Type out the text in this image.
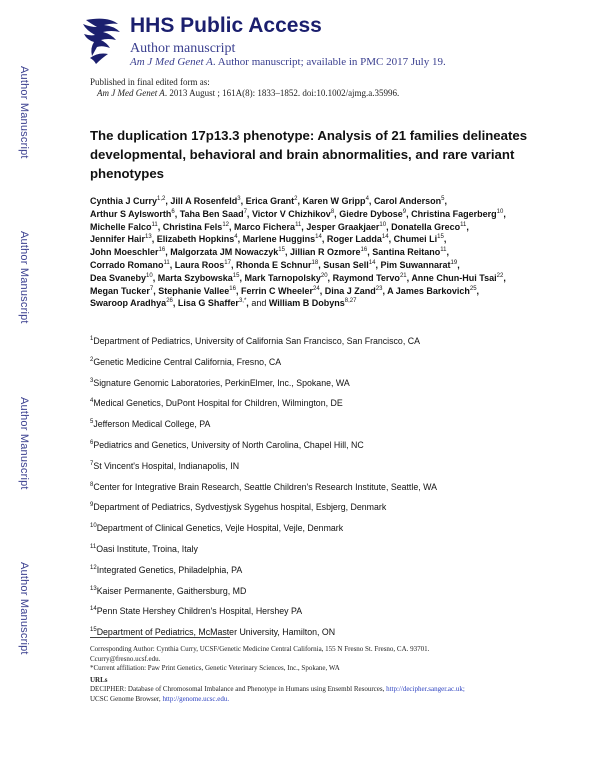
Author Manuscript
Author Manuscript
Author Manuscript
Author Manuscript
HHS Public Access
Author manuscript
Am J Med Genet A. Author manuscript; available in PMC 2017 July 19.
Published in final edited form as:
Am J Med Genet A. 2013 August ; 161A(8): 1833–1852. doi:10.1002/ajmg.a.35996.
The duplication 17p13.3 phenotype: Analysis of 21 families delineates developmental, behavioral and brain abnormalities, and rare variant phenotypes
Cynthia J Curry$^{1,2}$, Jill A Rosenfeld$^3$, Erica Grant$^2$, Karen W Gripp$^4$, Carol Anderson$^5$, Arthur S Aylsworth$^6$, Taha Ben Saad$^7$, Victor V Chizhikov$^8$, Giedre Dybose$^9$, Christina Fagerberg$^{10}$, Michelle Falco$^{11}$, Christina Fels$^{12}$, Marco Fichera$^{11}$, Jesper Graakjaer$^{10}$, Donatella Greco$^{11}$, Jennifer Hair$^{13}$, Elizabeth Hopkins$^4$, Marlene Huggins$^{14}$, Roger Ladda$^{14}$, Chumei Li$^{15}$, John Moeschler$^{16}$, Malgorzata JM Nowaczyk$^{15}$, Jillian R Ozmore$^{16}$, Santina Reitano$^{11}$, Corrado Romano$^{11}$, Laura Roos$^{17}$, Rhonda E Schnur$^{18}$, Susan Sell$^{14}$, Pim Suwannarat$^{19}$, Dea Svaneby$^{10}$, Marta Szybowska$^{15}$, Mark Tarnopolsky$^{20}$, Raymond Tervo$^{21}$, Anne Chun-Hui Tsai$^{22}$, Megan Tucker$^7$, Stephanie Vallee$^{16}$, Ferrin C Wheeler$^{24}$, Dina J Zand$^{23}$, A James Barkovich$^{25}$, Swaroop Aradhya$^{26}$, Lisa G Shaffer$^{3,*}$, and William B Dobyns$^{8,27}$
$^1$Department of Pediatrics, University of California San Francisco, San Francisco, CA
$^2$Genetic Medicine Central California, Fresno, CA
$^3$Signature Genomic Laboratories, PerkinElmer, Inc., Spokane, WA
$^4$Medical Genetics, DuPont Hospital for Children, Wilmington, DE
$^5$Jefferson Medical College, PA
$^6$Pediatrics and Genetics, University of North Carolina, Chapel Hill, NC
$^7$St Vincent's Hospital, Indianapolis, IN
$^8$Center for Integrative Brain Research, Seattle Children's Research Institute, Seattle, WA
$^9$Department of Pediatrics, Sydvestjysk Sygehus hospital, Esbjerg, Denmark
$^{10}$Department of Clinical Genetics, Vejle Hospital, Vejle, Denmark
$^{11}$Oasi Institute, Troina, Italy
$^{12}$Integrated Genetics, Philadelphia, PA
$^{13}$Kaiser Permanente, Gaithersburg, MD
$^{14}$Penn State Hershey Children's Hospital, Hershey PA
$^{15}$Department of Pediatrics, McMaster University, Hamilton, ON

Corresponding Author: Cynthia Curry, UCSF/Genetic Medicine Central California, 155 N Fresno St. Fresno, CA. 93701.

Ccurry@fresno.ucsf.edu.

*Current affiliation: Paw Print Genetics, Genetic Veterinary Sciences, Inc., Spokane, WA

URLs

DECIPHER: Database of Chromosomal Imbalance and Phenotype in Humans using Ensembl Resources, http://decipher.sanger.ac.uk;
UCSC Genome Browser, http://genome.ucsc.edu.
